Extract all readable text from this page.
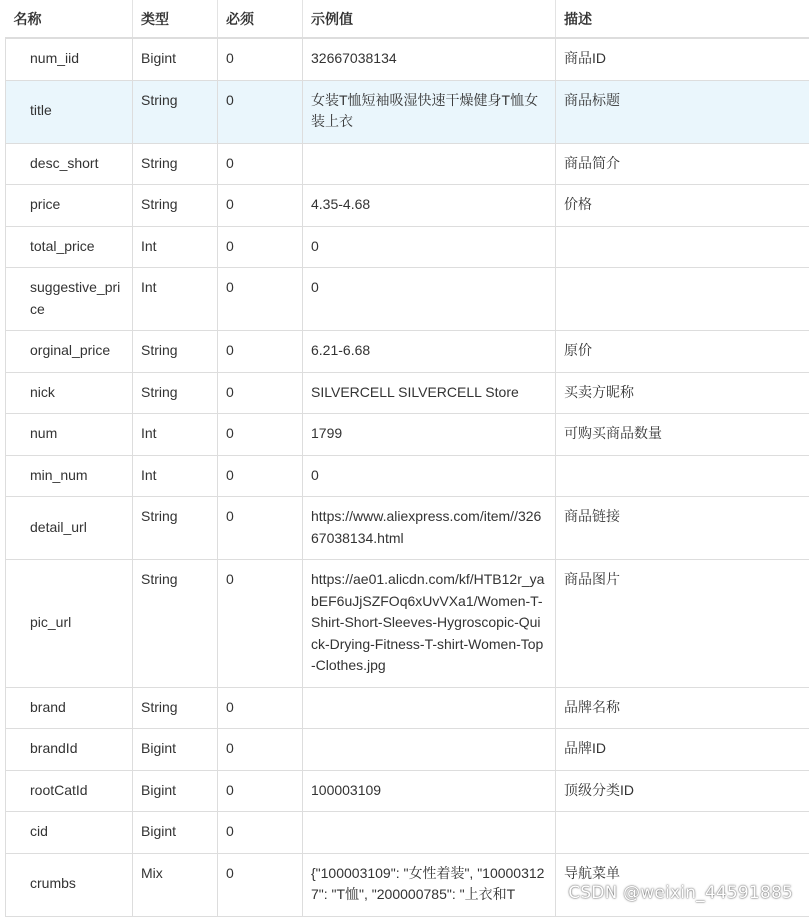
名称	类型	必须	示例值	描述
num_iid	Bigint	0	32667038134	商品ID
title	String	0	女装T恤短袖吸湿快速干燥健身T恤女装上衣	商品标题
desc_short	String	0		商品简介
price	String	0	4.35-4.68	价格
total_price	Int	0	0	
suggestive_price	Int	0	0	
orginal_price	String	0	6.21-6.68	原价
nick	String	0	SILVERCELL SILVERCELL Store	买卖方昵称
num	Int	0	1799	可购买商品数量
min_num	Int	0	0	
detail_url	String	0	https://www.aliexpress.com/item//32667038134.html	商品链接
pic_url	String	0	https://ae01.alicdn.com/kf/HTB12r_yabEF6uJjSZFOq6xUvVXa1/Women-T-Shirt-Short-Sleeves-Hygroscopic-Quick-Drying-Fitness-T-shirt-Women-Top-Clothes.jpg	商品图片
brand	String	0		品牌名称
brandId	Bigint	0		品牌ID
rootCatId	Bigint	0	100003109	顶级分类ID
cid	Bigint	0		
crumbs	Mix	0	{"100003109": "女性着装", "100003127": "T恤", "200000785": "上衣和T	导航菜单
CSDN @weixin_44591885
